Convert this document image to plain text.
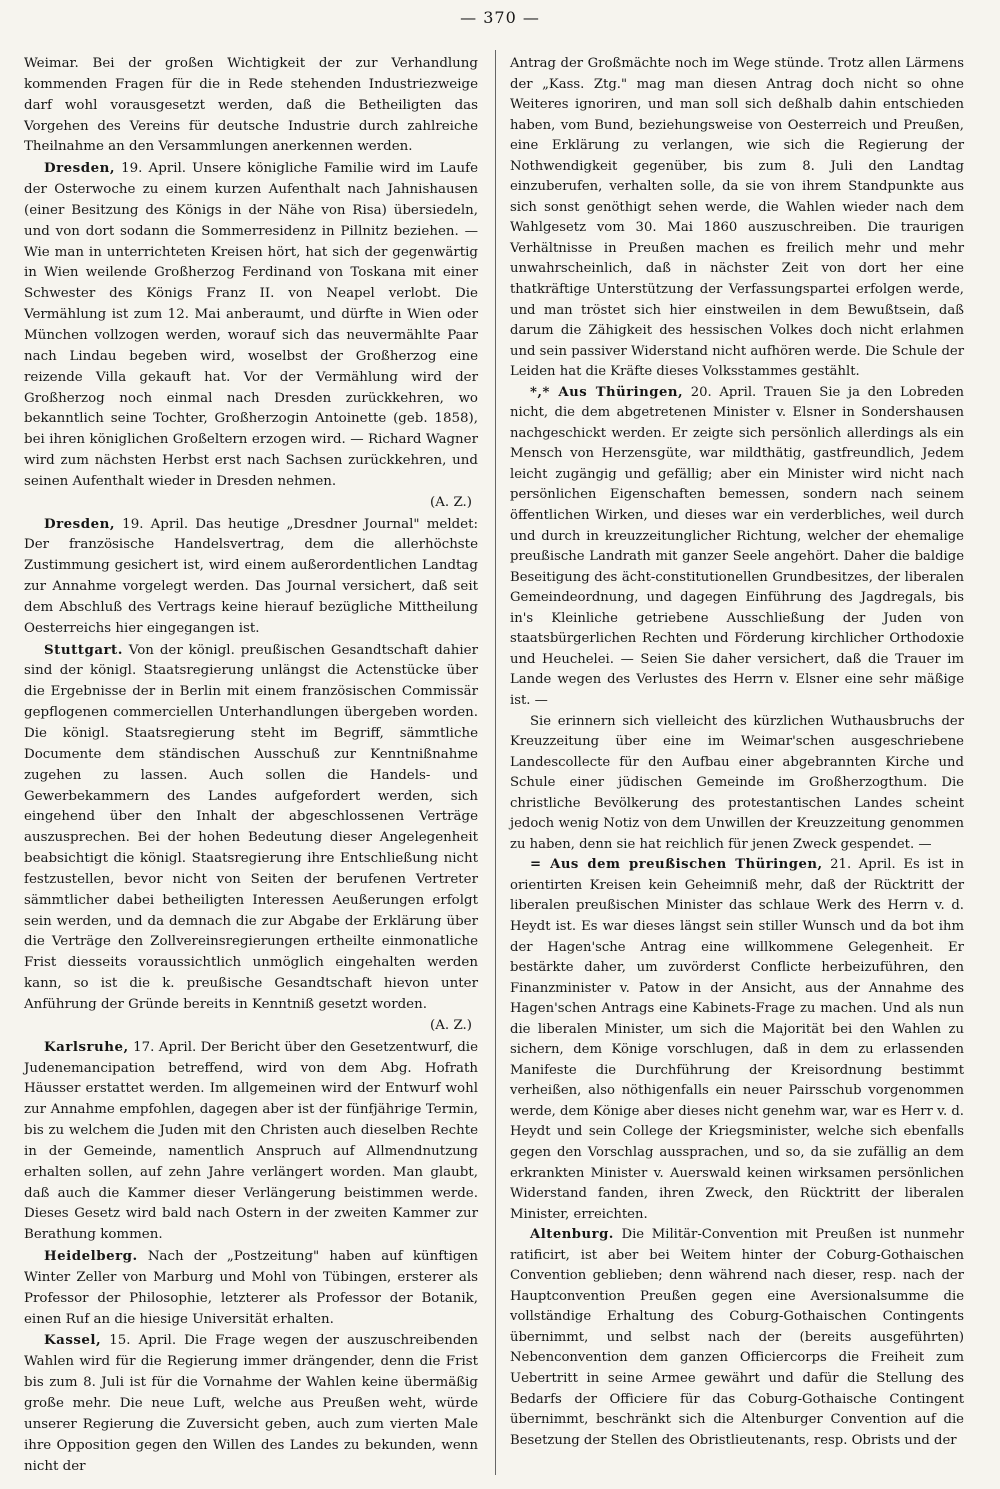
— 370 —

Weimar. Bei der großen Wichtigkeit der zur Verhandlung kommenden Fragen für die in Rede stehenden Industriezweige darf wohl vorausgesetzt werden, daß die Betheiligten das Vorgehen des Vereins für deutsche Industrie durch zahlreiche Theilnahme an den Versammlungen anerkennen werden.

Dresden, 19. April. Unsere königliche Familie wird im Laufe der Osterwoche zu einem kurzen Aufenthalt nach Jahnishausen (einer Besitzung des Königs in der Nähe von Risa) übersiedeln, und von dort sodann die Sommerresidenz in Pillnitz beziehen. — Wie man in unterrichteten Kreisen hört, hat sich der gegenwärtig in Wien weilende Großherzog Ferdinand von Toskana mit einer Schwester des Königs Franz II. von Neapel verlobt. Die Vermählung ist zum 12. Mai anberaumt, und dürfte in Wien oder München vollzogen werden, worauf sich das neuvermählte Paar nach Lindau begeben wird, woselbst der Großherzog eine reizende Villa gekauft hat. Vor der Vermählung wird der Großherzog noch einmal nach Dresden zurückkehren, wo bekanntlich seine Tochter, Großherzogin Antoinette (geb. 1858), bei ihren königlichen Großeltern erzogen wird. — Richard Wagner wird zum nächsten Herbst erst nach Sachsen zurückkehren, und seinen Aufenthalt wieder in Dresden nehmen.

(A. Z.)

Dresden, 19. April. Das heutige „Dresdner Journal" meldet: Der französische Handelsvertrag, dem die allerhöchste Zustimmung gesichert ist, wird einem außerordentlichen Landtag zur Annahme vorgelegt werden. Das Journal versichert, daß seit dem Abschluß des Vertrags keine hierauf bezügliche Mittheilung Oesterreichs hier eingegangen ist.

Stuttgart. Von der königl. preußischen Gesandtschaft dahier sind der königl. Staatsregierung unlängst die Actenstücke über die Ergebnisse der in Berlin mit einem französischen Commissär gepflogenen commerciellen Unterhandlungen übergeben worden. Die königl. Staatsregierung steht im Begriff, sämmtliche Documente dem ständischen Ausschuß zur Kenntnißnahme zugehen zu lassen. Auch sollen die Handels- und Gewerbekammern des Landes aufgefordert werden, sich eingehend über den Inhalt der abgeschlossenen Verträge auszusprechen. Bei der hohen Bedeutung dieser Angelegenheit beabsichtigt die königl. Staatsregierung ihre Entschließung nicht festzustellen, bevor nicht von Seiten der berufenen Vertreter sämmtlicher dabei betheiligten Interessen Aeußerungen erfolgt sein werden, und da demnach die zur Abgabe der Erklärung über die Verträge den Zollvereinsregierungen ertheilte einmonatliche Frist diesseits voraussichtlich unmöglich eingehalten werden kann, so ist die k. preußische Gesandtschaft hievon unter Anführung der Gründe bereits in Kenntniß gesetzt worden.

(A. Z.)

Karlsruhe, 17. April. Der Bericht über den Gesetzentwurf, die Judenemancipation betreffend, wird von dem Abg. Hofrath Häusser erstattet werden. Im allgemeinen wird der Entwurf wohl zur Annahme empfohlen, dagegen aber ist der fünfjährige Termin, bis zu welchem die Juden mit den Christen auch dieselben Rechte in der Gemeinde, namentlich Anspruch auf Allmendnutzung erhalten sollen, auf zehn Jahre verlängert worden. Man glaubt, daß auch die Kammer dieser Verlängerung beistimmen werde. Dieses Gesetz wird bald nach Ostern in der zweiten Kammer zur Berathung kommen.

Heidelberg. Nach der „Postzeitung" haben auf künftigen Winter Zeller von Marburg und Mohl von Tübingen, ersterer als Professor der Philosophie, letzterer als Professor der Botanik, einen Ruf an die hiesige Universität erhalten.

Kassel, 15. April. Die Frage wegen der auszuschreibenden Wahlen wird für die Regierung immer drängender, denn die Frist bis zum 8. Juli ist für die Vornahme der Wahlen keine übermäßig große mehr. Die neue Luft, welche aus Preußen weht, würde unserer Regierung die Zuversicht geben, auch zum vierten Male ihre Opposition gegen den Willen des Landes zu bekunden, wenn nicht der

Antrag der Großmächte noch im Wege stünde. Trotz allen Lärmens der „Kass. Ztg." mag man diesen Antrag doch nicht so ohne Weiteres ignoriren, und man soll sich deßhalb dahin entschieden haben, vom Bund, beziehungsweise von Oesterreich und Preußen, eine Erklärung zu verlangen, wie sich die Regierung der Nothwendigkeit gegenüber, bis zum 8. Juli den Landtag einzuberufen, verhalten solle, da sie von ihrem Standpunkte aus sich sonst genöthigt sehen werde, die Wahlen wieder nach dem Wahlgesetz vom 30. Mai 1860 auszuschreiben. Die traurigen Verhältnisse in Preußen machen es freilich mehr und mehr unwahrscheinlich, daß in nächster Zeit von dort her eine thatkräftige Unterstützung der Verfassungspartei erfolgen werde, und man tröstet sich hier einstweilen in dem Bewußtsein, daß darum die Zähigkeit des hessischen Volkes doch nicht erlahmen und sein passiver Widerstand nicht aufhören werde. Die Schule der Leiden hat die Kräfte dieses Volksstammes gestählt.

*,* Aus Thüringen, 20. April. Trauen Sie ja den Lobreden nicht, die dem abgetretenen Minister v. Elsner in Sondershausen nachgeschickt werden. Er zeigte sich persönlich allerdings als ein Mensch von Herzensgüte, war mildthätig, gastfreundlich, Jedem leicht zugängig und gefällig; aber ein Minister wird nicht nach persönlichen Eigenschaften bemessen, sondern nach seinem öffentlichen Wirken, und dieses war ein verderbliches, weil durch und durch in kreuzzeitunglicher Richtung, welcher der ehemalige preußische Landrath mit ganzer Seele angehört. Daher die baldige Beseitigung des ächt-constitutionellen Grundbesitzes, der liberalen Gemeindeordnung, und dagegen Einführung des Jagdregals, bis in's Kleinliche getriebene Ausschließung der Juden von staatsbürgerlichen Rechten und Förderung kirchlicher Orthodoxie und Heuchelei. — Seien Sie daher versichert, daß die Trauer im Lande wegen des Verlustes des Herrn v. Elsner eine sehr mäßige ist. —

Sie erinnern sich vielleicht des kürzlichen Wuthausbruchs der Kreuzzeitung über eine im Weimar'schen ausgeschriebene Landescollecte für den Aufbau einer abgebrannten Kirche und Schule einer jüdischen Gemeinde im Großherzogthum. Die christliche Bevölkerung des protestantischen Landes scheint jedoch wenig Notiz von dem Unwillen der Kreuzzeitung genommen zu haben, denn sie hat reichlich für jenen Zweck gespendet. —

= Aus dem preußischen Thüringen, 21. April. Es ist in orientirten Kreisen kein Geheimniß mehr, daß der Rücktritt der liberalen preußischen Minister das schlaue Werk des Herrn v. d. Heydt ist. Es war dieses längst sein stiller Wunsch und da bot ihm der Hagen'sche Antrag eine willkommene Gelegenheit. Er bestärkte daher, um zuvörderst Conflicte herbeizuführen, den Finanzminister v. Patow in der Ansicht, aus der Annahme des Hagen'schen Antrags eine Kabinets-Frage zu machen. Und als nun die liberalen Minister, um sich die Majorität bei den Wahlen zu sichern, dem Könige vorschlugen, daß in dem zu erlassenden Manifeste die Durchführung der Kreisordnung bestimmt verheißen, also nöthigenfalls ein neuer Pairsschub vorgenommen werde, dem Könige aber dieses nicht genehm war, war es Herr v. d. Heydt und sein College der Kriegsminister, welche sich ebenfalls gegen den Vorschlag aussprachen, und so, da sie zufällig an dem erkrankten Minister v. Auerswald keinen wirksamen persönlichen Widerstand fanden, ihren Zweck, den Rücktritt der liberalen Minister, erreichten.

Altenburg. Die Militär-Convention mit Preußen ist nunmehr ratificirt, ist aber bei Weitem hinter der Coburg-Gothaischen Convention geblieben; denn während nach dieser, resp. nach der Hauptconvention Preußen gegen eine Aversionalsumme die vollständige Erhaltung des Coburg-Gothaischen Contingents übernimmt, und selbst nach der (bereits ausgeführten) Nebenconvention dem ganzen Officiercorps die Freiheit zum Uebertritt in seine Armee gewährt und dafür die Stellung des Bedarfs der Officiere für das Coburg-Gothaische Contingent übernimmt, beschränkt sich die Altenburger Convention auf die Besetzung der Stellen des Obristlieutenants, resp. Obrists und der
